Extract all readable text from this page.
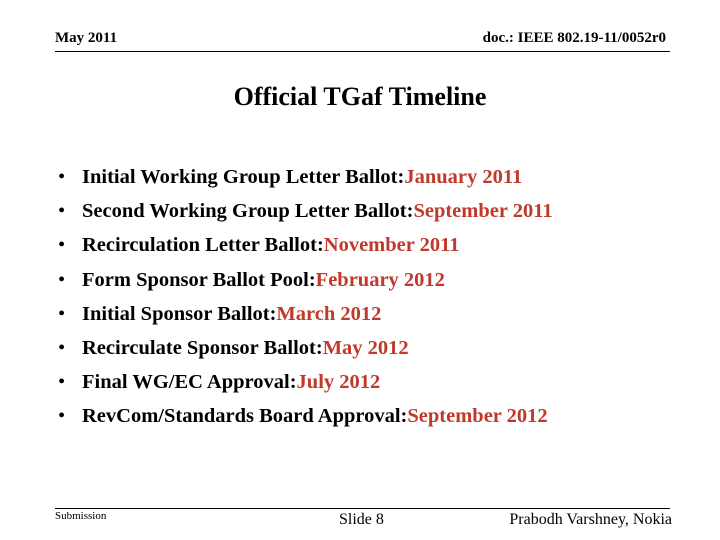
May 2011	doc.: IEEE 802.19-11/0052r0
Official TGaf Timeline
• Initial Working Group Letter Ballot: January 2011
• Second Working Group Letter Ballot: September 2011
• Recirculation Letter Ballot: November 2011
• Form Sponsor Ballot Pool: February 2012
• Initial Sponsor Ballot: March 2012
• Recirculate Sponsor Ballot: May 2012
• Final WG/EC Approval: July 2012
• RevCom/Standards Board Approval: September 2012
Submission	Slide 8	Prabodh Varshney, Nokia
